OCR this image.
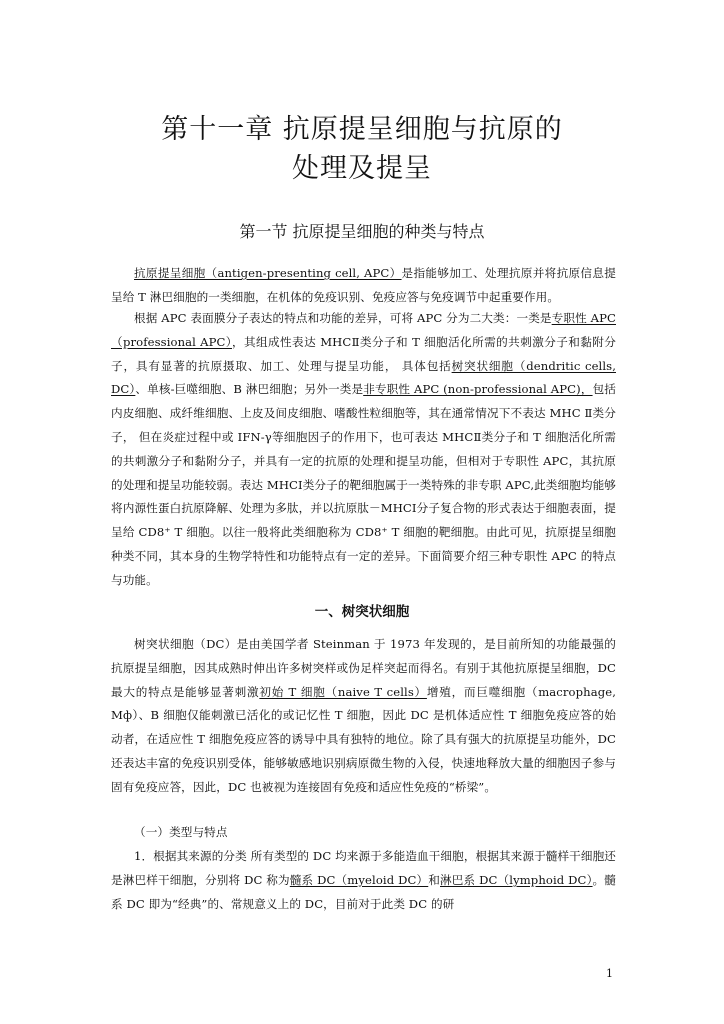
第十一章 抗原提呈细胞与抗原的
处理及提呈
第一节 抗原提呈细胞的种类与特点
抗原提呈细胞（antigen-presenting cell, APC）是指能够加工、处理抗原并将抗原信息提呈给 T 淋巴细胞的一类细胞，在机体的免疫识别、免疫应答与免疫调节中起重要作用。
根据 APC 表面膜分子表达的特点和功能的差异，可将 APC 分为二大类：一类是专职性 APC（professional APC），其组成性表达 MHCⅡ类分子和 T 细胞活化所需的共刺激分子和黏附分子，具有显著的抗原摄取、加工、处理与提呈功能， 具体包括树突状细胞（dendritic cells, DC）、单核-巨噬细胞、B 淋巴细胞；另外一类是非专职性 APC (non-professional APC)，包括内皮细胞、成纤维细胞、上皮及间皮细胞、嗜酸性粒细胞等，其在通常情况下不表达 MHC Ⅱ类分子， 但在炎症过程中或 IFN-γ等细胞因子的作用下，也可表达 MHCⅡ类分子和 T 细胞活化所需的共刺激分子和黏附分子，并具有一定的抗原的处理和提呈功能，但相对于专职性 APC，其抗原的处理和提呈功能较弱。表达 MHCⅠ类分子的靶细胞属于一类特殊的非专职 APC,此类细胞均能够将内源性蛋白抗原降解、处理为多肽，并以抗原肽－MHCⅠ分子复合物的形式表达于细胞表面，提呈给 CD8⁺ T 细胞。以往一般将此类细胞称为 CD8⁺ T 细胞的靶细胞。由此可见，抗原提呈细胞种类不同，其本身的生物学特性和功能特点有一定的差异。下面简要介绍三种专职性 APC 的特点与功能。
一、树突状细胞
树突状细胞（DC）是由美国学者 Steinman 于 1973 年发现的，是目前所知的功能最强的抗原提呈细胞，因其成熟时伸出许多树突样或伪足样突起而得名。有别于其他抗原提呈细胞，DC 最大的特点是能够显著刺激初始 T 细胞（naive T cells）增殖，而巨噬细胞（macrophage, Mф）、B 细胞仅能刺激已活化的或记忆性 T 细胞，因此 DC 是机体适应性 T 细胞免疫应答的始动者，在适应性 T 细胞免疫应答的诱导中具有独特的地位。除了具有强大的抗原提呈功能外，DC 还表达丰富的免疫识别受体，能够敏感地识别病原微生物的入侵，快速地释放大量的细胞因子参与固有免疫应答，因此，DC 也被视为连接固有免疫和适应性免疫的“桥梁”。
（一）类型与特点
1．根据其来源的分类 所有类型的 DC 均来源于多能造血干细胞，根据其来源于髓样干细胞还是淋巴样干细胞，分别将 DC 称为髓系 DC（myeloid DC）和淋巴系 DC（lymphoid DC）。髓系 DC 即为“经典”的、常规意义上的 DC，目前对于此类 DC 的研
1
